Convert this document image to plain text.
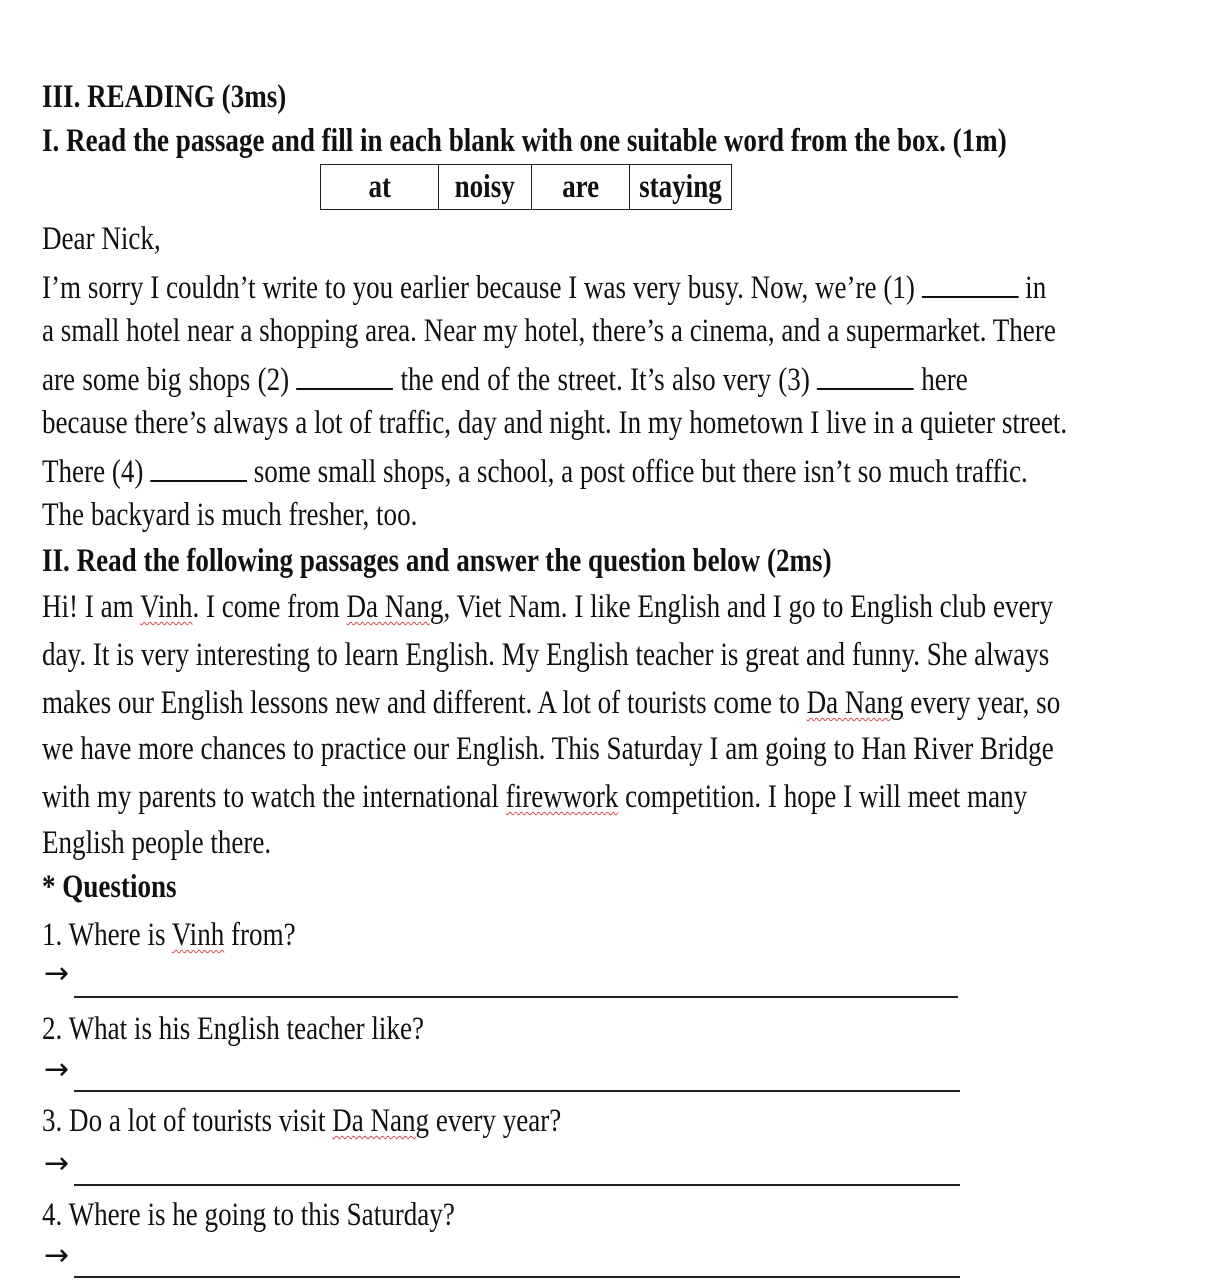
III. READING (3ms)
I. Read the passage and fill in each blank with one suitable word from the box. (1m)
at	noisy	are	staying
Dear Nick,
I’m sorry I couldn’t write to you earlier because I was very busy. Now, we’re (1)	in
a small hotel near a shopping area. Near my hotel, there’s a cinema, and a supermarket. There
are some big shops (2)	the end of the street. It’s also very (3)	here
because there’s always a lot of traffic, day and night. In my hometown I live in a quieter street.
There (4)	some small shops, a school, a post office but there isn’t so much traffic.
The backyard is much fresher, too.
II. Read the following passages and answer the question below (2ms)
Hi! I am Vinh. I come from Da Nang, Viet Nam. I like English and I go to English club every
day. It is very interesting to learn English. My English teacher is great and funny. She always
makes our English lessons new and different. A lot of tourists come to Da Nang every year, so
we have more chances to practice our English. This Saturday I am going to Han River Bridge
with my parents to watch the international firewwork competition. I hope I will meet many
English people there.
* Questions
1. Where is Vinh from?
→
2. What is his English teacher like?
→
3. Do a lot of tourists visit Da Nang every year?
→
4. Where is he going to this Saturday?
→
